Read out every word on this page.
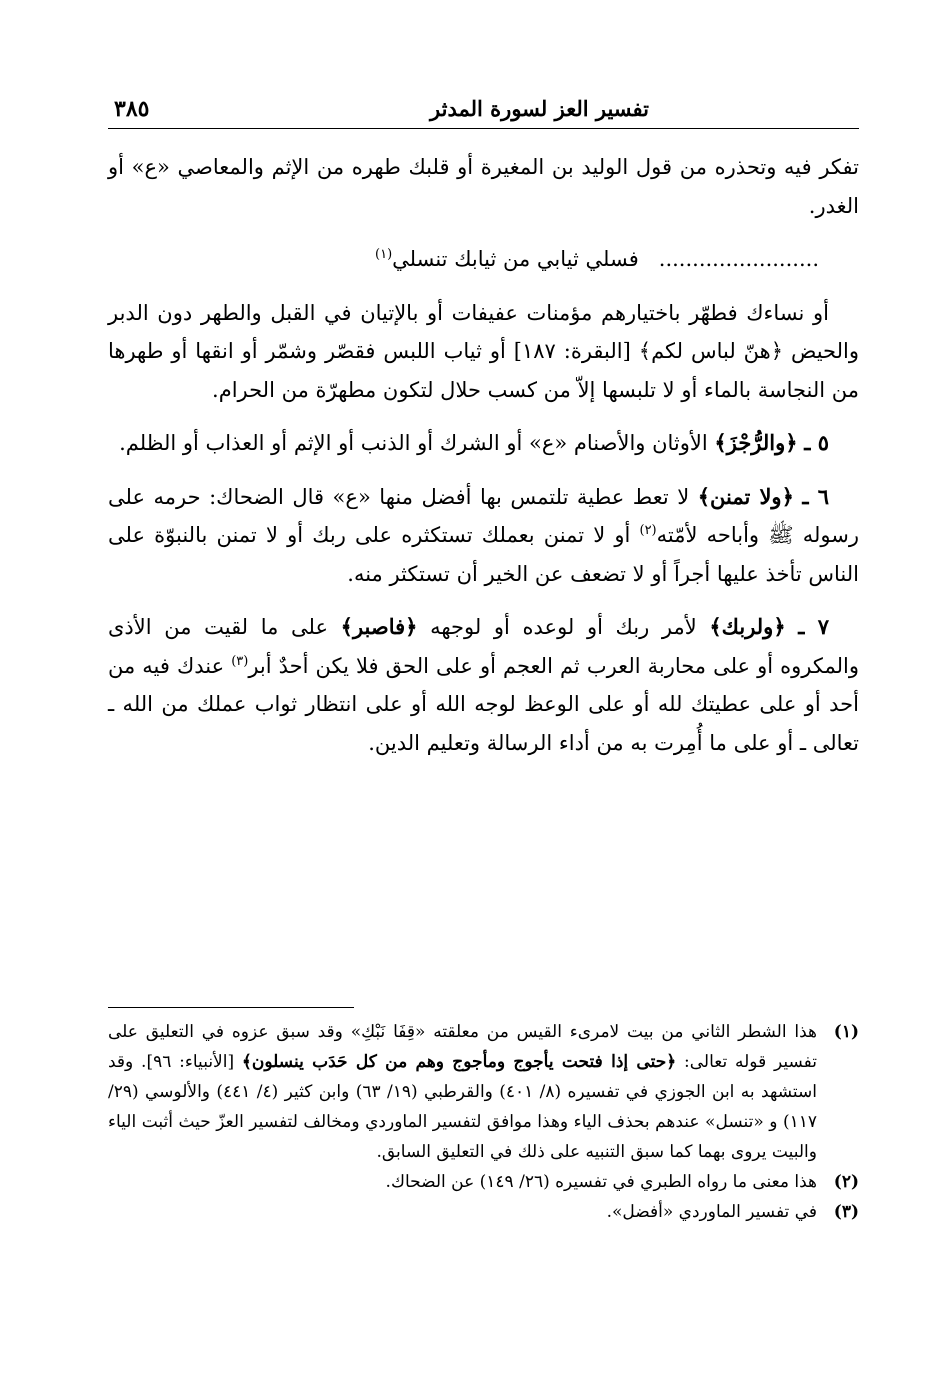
تفسير العز لسورة المدثر
٣٨٥

تفكر فيه وتحذره من قول الوليد بن المغيرة أو قلبك طهره من الإثم والمعاصي «ع» أو الغدر.

........................   فسلي ثيابي من ثيابك تنسلي$^{(١)}$

أو نساءك فطهّر باختيارهم مؤمنات عفيفات أو بالإتيان في القبل والطهر دون الدبر والحيض ﴿هنّ لباس لكم﴾ [البقرة: ١٨٧] أو ثياب اللبس فقصّر وشمّر أو انقها أو طهرها من النجاسة بالماء أو لا تلبسها إلاّ من كسب حلال لتكون مطهرّة من الحرام.

٥ ـ ﴿والرُّجْزَ﴾ الأوثان والأصنام «ع» أو الشرك أو الذنب أو الإثم أو العذاب أو الظلم.

٦ ـ ﴿ولا تمنن﴾ لا تعط عطية تلتمس بها أفضل منها «ع» قال الضحاك: حرمه على رسوله ﷺ وأباحه لأمّته$^{(٢)}$ أو لا تمنن بعملك تستكثره على ربك أو لا تمنن بالنبوّة على الناس تأخذ عليها أجراً أو لا تضعف عن الخير أن تستكثر منه.

٧ ـ ﴿ولربك﴾ لأمر ربك أو لوعده أو لوجهه ﴿فاصبر﴾ على ما لقيت من الأذى والمكروه أو على محاربة العرب ثم العجم أو على الحق فلا يكن أحدٌ أبر$^{(٣)}$ عندك فيه من أحد أو على عطيتك لله أو على الوعظ لوجه الله أو على انتظار ثواب عملك من الله ـ تعالى ـ أو على ما أُمِرت به من أداء الرسالة وتعليم الدين.

(١)
هذا الشطر الثاني من بيت لامرىء القيس من معلقته «قِفَا نَبْكِ» وقد سبق عزوه في التعليق على تفسير قوله تعالى: ﴿حتى إذا فتحت يأجوج ومأجوج وهم من كل حَدَب ينسلون﴾ [الأنبياء: ٩٦]. وقد استشهد به ابن الجوزي في تفسيره (٨/ ٤٠١) والقرطبي (١٩/ ٦٣) وابن كثير (٤/ ٤٤١) والألوسي (٢٩/ ١١٧) و «تنسل» عندهم بحذف الياء وهذا موافق لتفسير الماوردي ومخالف لتفسير العزّ حيث أثبت الياء والبيت يروى بهما كما سبق التنبيه على ذلك في التعليق السابق.
(٢)
هذا معنى ما رواه الطبري في تفسيره (٢٦/ ١٤٩) عن الضحاك.
(٣)
في تفسير الماوردي «أفضل».
